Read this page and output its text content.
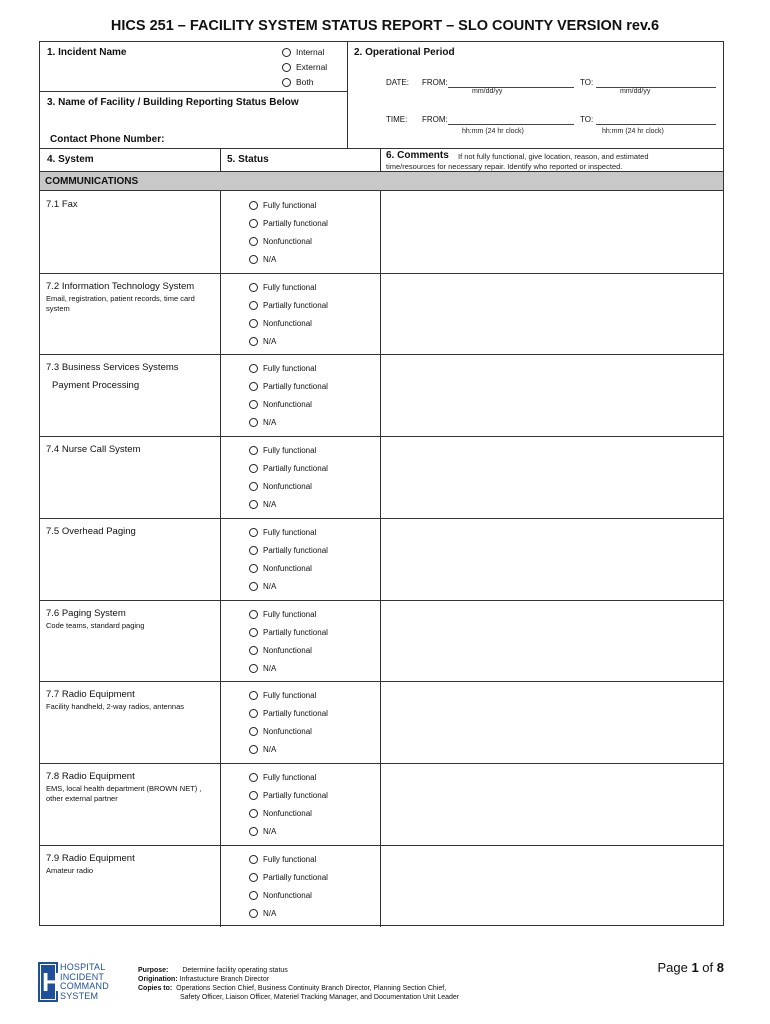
HICS 251 – FACILITY SYSTEM STATUS REPORT – SLO COUNTY VERSION rev.6
1. Incident Name	Internal
External
Both
3. Name of Facility / Building Reporting Status Below
Contact Phone Number:
2. Operational Period
DATE: FROM:	TO:
mm/dd/yy	mm/dd/yy
TIME: FROM:	TO:
hh:mm (24 hr clock)	hh:mm (24 hr clock)
4. System	5. Status	6. Comments If not fully functional, give location, reason, and estimated
time/resources for necessary repair. Identify who reported or inspected.
COMMUNICATIONS
7.1 Fax	Fully functional
Partially functional
Nonfunctional
N/A
7.2 Information Technology System
Email, registration, patient records, time card system
Fully functional
Partially functional
Nonfunctional
N/A
7.3 Business Services Systems
Payment Processing
Fully functional
Partially functional
Nonfunctional
N/A
7.4 Nurse Call System	Fully functional
Partially functional
Nonfunctional
N/A
7.5 Overhead Paging	Fully functional
Partially functional
Nonfunctional
N/A
7.6 Paging System
Code teams, standard paging
Fully functional
Partially functional
Nonfunctional
N/A
7.7 Radio Equipment
Facility handheld, 2-way radios, antennas
Fully functional
Partially functional
Nonfunctional
N/A
7.8 Radio Equipment
EMS, local health department (BROWN NET) , other external partner
Fully functional
Partially functional
Nonfunctional
N/A
7.9 Radio Equipment
Amateur radio
Fully functional
Partially functional
Nonfunctional
N/A
H HOSPITAL
INCIDENT
COMMAND
SYSTEM
Purpose: Determine facility operating status
Origination: Infrastucture Branch Director
Copies to: Operations Section Chief, Business Continuity Branch Director, Planning Section Chief,
Safety Officer, Liaison Officer, Materiel Tracking Manager, and Documentation Unit Leader
Page 1 of 8
